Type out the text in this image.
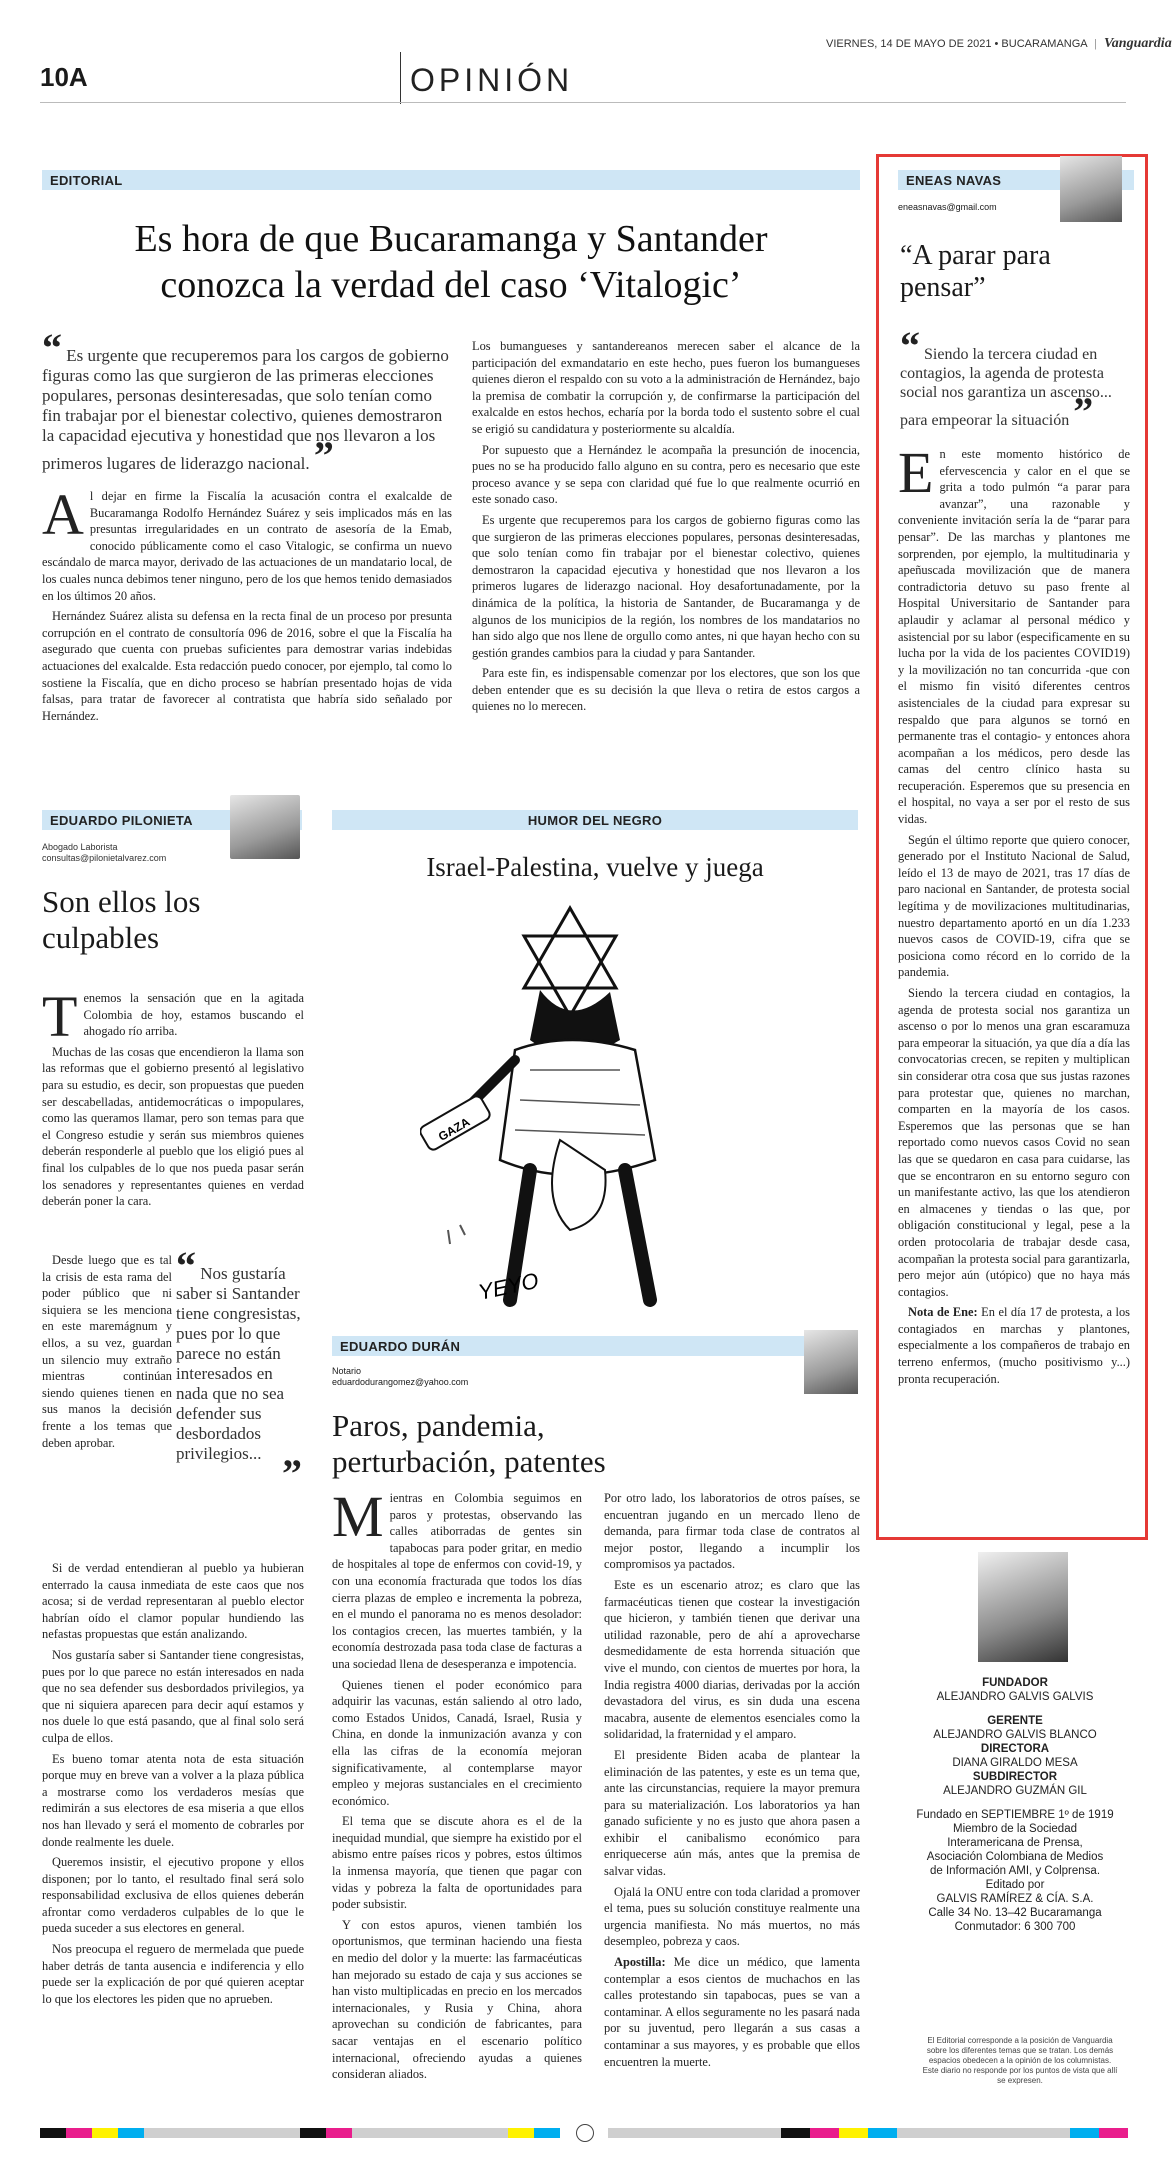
10A	OPINIÓN
VIERNES, 14 DE MAYO DE 2021 • BUCARAMANGA | Vanguardia
EDITORIAL
Es hora de que Bucaramanga y Santander
conozca la verdad del caso ‘Vitalogic’
“ Es urgente que recuperemos para los cargos de gobierno figuras como las que surgieron de las primeras elecciones populares, personas desinteresadas, que solo tenían como fin trabajar por el bienestar colectivo, quienes demostraron la capacidad ejecutiva y honestidad que nos llevaron a los primeros lugares de liderazgo nacional. ”

Al dejar en firme la Fiscalía la acusación contra el exalcalde de Bucaramanga Rodolfo Hernández Suárez y seis implicados más en las presuntas irregularidades en un contrato de asesoría de la Emab, conocido públicamente como el caso Vitalogic, se confirma un nuevo escándalo de marca mayor, derivado de las actuaciones de un mandatario local, de los cuales nunca debimos tener ninguno, pero de los que hemos tenido demasiados en los últimos 20 años.

Hernández Suárez alista su defensa en la recta final de un proceso por presunta corrupción en el contrato de consultoría 096 de 2016, sobre el que la Fiscalía ha asegurado que cuenta con pruebas suficientes para demostrar varias indebidas actuaciones del exalcalde. Esta redacción puedo conocer, por ejemplo, tal como lo sostiene la Fiscalía, que en dicho proceso se habrían presentado hojas de vida falsas, para tratar de favorecer al contratista que habría sido señalado por Hernández.

Los bumangueses y santandereanos merecen saber el alcance de la participación del exmandatario en este hecho, pues fueron los bumangueses quienes dieron el respaldo con su voto a la administración de Hernández, bajo la premisa de combatir la corrupción y, de confirmarse la participación del exalcalde en estos hechos, echaría por la borda todo el sustento sobre el cual se erigió su candidatura y posteriormente su alcaldía.

Por supuesto que a Hernández le acompaña la presunción de inocencia, pues no se ha producido fallo alguno en su contra, pero es necesario que este proceso avance y se sepa con claridad qué fue lo que realmente ocurrió en este sonado caso.

Es urgente que recuperemos para los cargos de gobierno figuras como las que surgieron de las primeras elecciones populares, personas desinteresadas, que solo tenían como fin trabajar por el bienestar colectivo, quienes demostraron la capacidad ejecutiva y honestidad que nos llevaron a los primeros lugares de liderazgo nacional. Hoy desafortunadamente, por la dinámica de la política, la historia de Santander, de Bucaramanga y de algunos de los municipios de la región, los nombres de los mandatarios no han sido algo que nos llene de orgullo como antes, ni que hayan hecho con su gestión grandes cambios para la ciudad y para Santander.

Para este fin, es indispensable comenzar por los electores, que son los que deben entender que es su decisión la que lleva o retira de estos cargos a quienes no lo merecen.

EDUARDO PILONIETA
Abogado Laborista
consultas@pilonietalvarez.com
Son ellos los
culpables

Tenemos la sensación que en la agitada Colombia de hoy, estamos buscando el ahogado río arriba.

Muchas de las cosas que encendieron la llama son las reformas que el gobierno presentó al legislativo para su estudio, es decir, son propuestas que pueden ser descabelladas, antidemocráticas o impopulares, como las queramos llamar, pero son temas para que el Congreso estudie y serán sus miembros quienes deberán responderle al pueblo que los eligió pues al final los culpables de lo que nos pueda pasar serán los senadores y representantes quienes en verdad deberán poner la cara.

Desde luego que es tal la crisis de esta rama del poder público que ni siquiera se les menciona en este maremágnum y ellos, a su vez, guardan un silencio muy extraño mientras continúan siendo quienes tienen en sus manos la decisión frente a los temas que deben aprobar.

“ Nos gustaría saber si Santander tiene congresistas, pues por lo que parece no están interesados en nada que no sea defender sus desbordados privilegios... ”

Si de verdad entendieran al pueblo ya hubieran enterrado la causa inmediata de este caos que nos acosa; si de verdad representaran al pueblo elector habrían oído el clamor popular hundiendo las nefastas propuestas que están analizando.

Nos gustaría saber si Santander tiene congresistas, pues por lo que parece no están interesados en nada que no sea defender sus desbordados privilegios, ya que ni siquiera aparecen para decir aquí estamos y nos duele lo que está pasando, que al final solo será culpa de ellos.

Es bueno tomar atenta nota de esta situación porque muy en breve van a volver a la plaza pública a mostrarse como los verdaderos mesías que redimirán a sus electores de esa miseria a que ellos nos han llevado y será el momento de cobrarles por donde realmente les duele.

Queremos insistir, el ejecutivo propone y ellos disponen; por lo tanto, el resultado final será solo responsabilidad exclusiva de ellos quienes deberán afrontar como verdaderos culpables de lo que le pueda suceder a sus electores en general.

Nos preocupa el reguero de mermelada que puede haber detrás de tanta ausencia e indiferencia y ello puede ser la explicación de por qué quieren aceptar lo que los electores les piden que no aprueben.

HUMOR DEL NEGRO
Israel-Palestina, vuelve y juega
GAZA
YEYO
EDUARDO DURÁN
Notario
eduardodurangomez@yahoo.com
Paros, pandemia,
perturbación, patentes

Mientras en Colombia seguimos en paros y protestas, observando las calles atiborradas de gentes sin tapabocas para poder gritar, en medio de hospitales al tope de enfermos con covid-19, y con una economía fracturada que todos los días cierra plazas de empleo e incrementa la pobreza, en el mundo el panorama no es menos desolador: los contagios crecen, las muertes también, y la economía destrozada pasa toda clase de facturas a una sociedad llena de desesperanza e impotencia.

Quienes tienen el poder económico para adquirir las vacunas, están saliendo al otro lado, como Estados Unidos, Canadá, Israel, Rusia y China, en donde la inmunización avanza y con ella las cifras de la economía mejoran significativamente, al contemplarse mayor empleo y mejoras sustanciales en el crecimiento económico.

El tema que se discute ahora es el de la inequidad mundial, que siempre ha existido por el abismo entre países ricos y pobres, estos últimos la inmensa mayoría, que tienen que pagar con vidas y pobreza la falta de oportunidades para poder subsistir.

Y con estos apuros, vienen también los oportunismos, que terminan haciendo una fiesta en medio del dolor y la muerte: las farmacéuticas han mejorado su estado de caja y sus acciones se han visto multiplicadas en precio en los mercados internacionales, y Rusia y China, ahora aprovechan su condición de fabricantes, para sacar ventajas en el escenario político internacional, ofreciendo ayudas a quienes consideran aliados.

Por otro lado, los laboratorios de otros países, se encuentran jugando en un mercado lleno de demanda, para firmar toda clase de contratos al mejor postor, llegando a incumplir los compromisos ya pactados.

Este es un escenario atroz; es claro que las farmacéuticas tienen que costear la investigación que hicieron, y también tienen que derivar una utilidad razonable, pero de ahí a aprovecharse desmedidamente de esta horrenda situación que vive el mundo, con cientos de muertes por hora, la India registra 4000 diarias, derivadas por la acción devastadora del virus, es sin duda una escena macabra, ausente de elementos esenciales como la solidaridad, la fraternidad y el amparo.

El presidente Biden acaba de plantear la eliminación de las patentes, y este es un tema que, ante las circunstancias, requiere la mayor premura para su materialización. Los laboratorios ya han ganado suficiente y no es justo que ahora pasen a exhibir el canibalismo económico para enriquecerse aún más, antes que la premisa de salvar vidas.

Ojalá la ONU entre con toda claridad a promover el tema, pues su solución constituye realmente una urgencia manifiesta. No más muertos, no más desempleo, pobreza y caos.

Apostilla: Me dice un médico, que lamenta contemplar a esos cientos de muchachos en las calles protestando sin tapabocas, pues se van a contaminar. A ellos seguramente no les pasará nada por su juventud, pero llegarán a sus casas a contaminar a sus mayores, y es probable que ellos encuentren la muerte.

ENEAS NAVAS
eneasnavas@gmail.com
“A parar para
pensar”
“ Siendo la tercera ciudad en contagios, la agenda de protesta social nos garantiza un ascenso... para empeorar la situación ”

En este momento histórico de efervescencia y calor en el que se grita a todo pulmón “a parar para avanzar”, una razonable y conveniente invitación sería la de “parar para pensar”. De las marchas y plantones me sorprenden, por ejemplo, la multitudinaria y apeñuscada movilización que de manera contradictoria detuvo su paso frente al Hospital Universitario de Santander para aplaudir y aclamar al personal médico y asistencial por su labor (especificamente en su lucha por la vida de los pacientes COVID19) y la movilización no tan concurrida -que con el mismo fin visitó diferentes centros asistenciales de la ciudad para expresar su respaldo que para algunos se tornó en permanente tras el contagio- y entonces ahora acompañan a los médicos, pero desde las camas del centro clínico hasta su recuperación. Esperemos que su presencia en el hospital, no vaya a ser por el resto de sus vidas.

Según el último reporte que quiero conocer, generado por el Instituto Nacional de Salud, leído el 13 de mayo de 2021, tras 17 días de paro nacional en Santander, de protesta social legítima y de movilizaciones multitudinarias, nuestro departamento aportó en un día 1.233 nuevos casos de COVID-19, cifra que se posiciona como récord en lo corrido de la pandemia.

Siendo la tercera ciudad en contagios, la agenda de protesta social nos garantiza un ascenso o por lo menos una gran escaramuza para empeorar la situación, ya que día a día las convocatorias crecen, se repiten y multiplican sin considerar otra cosa que sus justas razones para protestar que, quienes no marchan, comparten en la mayoría de los casos. Esperemos que las personas que se han reportado como nuevos casos Covid no sean las que se quedaron en casa para cuidarse, las que se encontraron en su entorno seguro con un manifestante activo, las que los atendieron en almacenes y tiendas o las que, por obligación constitucional y legal, pese a la orden protocolaria de trabajar desde casa, acompañan la protesta social para garantizarla, pero mejor aún (utópico) que no haya más contagios.

Nota de Ene: En el día 17 de protesta, a los contagiados en marchas y plantones, especialmente a los compañeros de trabajo en terreno enfermos, (mucho positivismo y...) pronta recuperación.

FUNDADOR
ALEJANDRO GALVIS GALVIS
GERENTE
ALEJANDRO GALVIS BLANCO
DIRECTORA
DIANA GIRALDO MESA
SUBDIRECTOR
ALEJANDRO GUZMÁN GIL
Fundado en SEPTIEMBRE 1º de 1919
Miembro de la Sociedad
Interamericana de Prensa,
Asociación Colombiana de Medios
de Información AMI, y Colprensa.
Editado por
GALVIS RAMÍREZ & CÍA. S.A.
Calle 34 No. 13–42 Bucaramanga
Conmutador: 6 300 700
El Editorial corresponde a la posición de Vanguardia sobre los diferentes temas que se tratan. Los demás espacios obedecen a la opinión de los columnistas. Este diario no responde por los puntos de vista que allí se expresen.
